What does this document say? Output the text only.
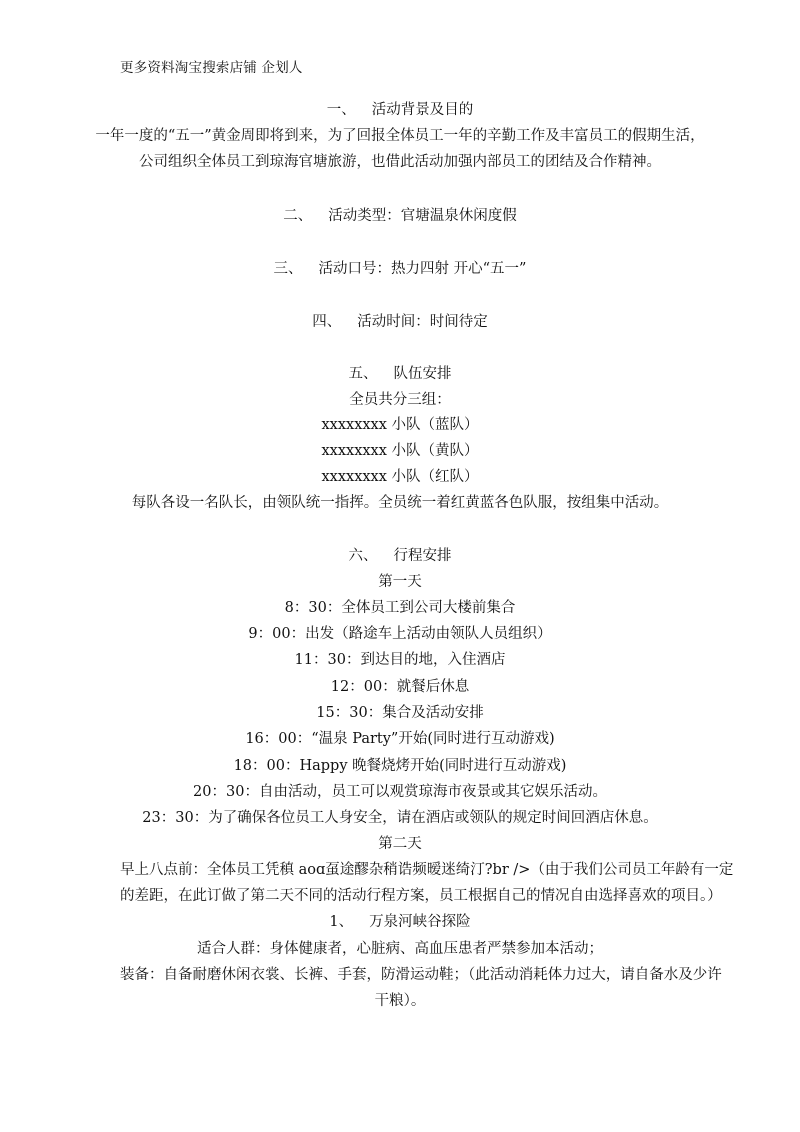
更多资料淘宝搜索店铺 企划人
一、 活动背景及目的
一年一度的“五一”黄金周即将到来，为了回报全体员工一年的辛勤工作及丰富员工的假期生活，
公司组织全体员工到琼海官塘旅游，也借此活动加强内部员工的团结及合作精神。
二、 活动类型：官塘温泉休闲度假
三、 活动口号：热力四射 开心“五一”
四、 活动时间：时间待定
五、 队伍安排
全员共分三组：
xxxxxxxx 小队（蓝队）
xxxxxxxx 小队（黄队）
xxxxxxxx 小队（红队）
每队各设一名队长，由领队统一指挥。全员统一着红黄蓝各色队服，按组集中活动。
六、 行程安排
第一天
8：30：全体员工到公司大楼前集合
9：00：出发（路途车上活动由领队人员组织）
11：30：到达目的地，入住酒店
12：00：就餐后休息
15：30：集合及活动安排
16：00：“温泉 Party”开始(同时进行互动游戏)
18：00：Happy 晚餐烧烤开始(同时进行互动游戏)
20：30：自由活动，员工可以观赏琼海市夜景或其它娱乐活动。
23：30：为了确保各位员工人身安全，请在酒店或领队的规定时间回酒店休息。
第二天
早上八点前：全体员工凭稹 aoɑ虿途醪杂稍诰频暧迷绮汀?br />（由于我们公司员工年龄有一定
的差距，在此订做了第二天不同的活动行程方案，员工根据自己的情况自由选择喜欢的项目。）
1、 万泉河峡谷探险
适合人群：身体健康者，心脏病、高血压患者严禁参加本活动；
装备：自备耐磨休闲衣裳、长裤、手套，防滑运动鞋；（此活动消耗体力过大，请自备水及少许
干粮）。
